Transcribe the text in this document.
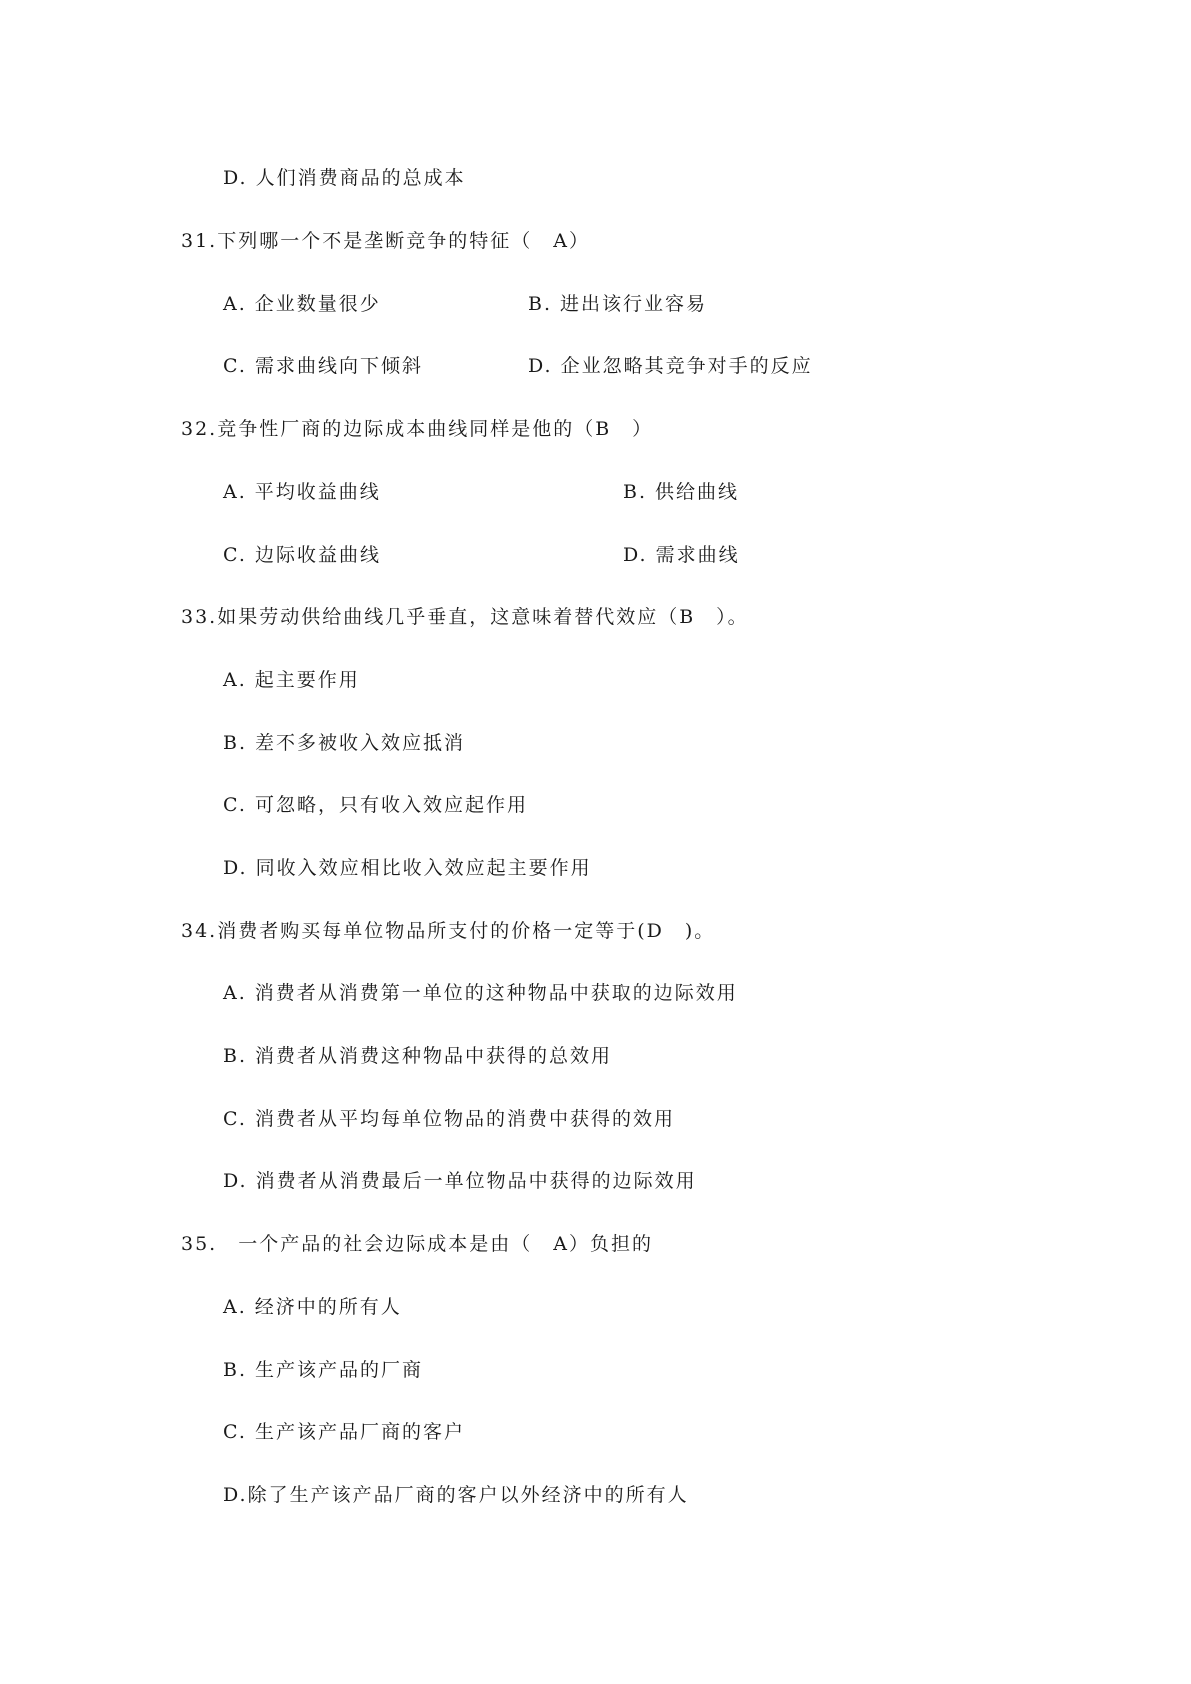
D. 人们消费商品的总成本
31.下列哪一个不是垄断竞争的特征（　A）
A. 企业数量很少	B. 进出该行业容易
C. 需求曲线向下倾斜	D. 企业忽略其竞争对手的反应
32.竞争性厂商的边际成本曲线同样是他的（B　）
A. 平均收益曲线	B. 供给曲线
C. 边际收益曲线	D. 需求曲线
33.如果劳动供给曲线几乎垂直，这意味着替代效应（B　）。
A. 起主要作用
B. 差不多被收入效应抵消
C. 可忽略，只有收入效应起作用
D. 同收入效应相比收入效应起主要作用
34.消费者购买每单位物品所支付的价格一定等于(D　)。
A. 消费者从消费第一单位的这种物品中获取的边际效用
B. 消费者从消费这种物品中获得的总效用
C. 消费者从平均每单位物品的消费中获得的效用
D. 消费者从消费最后一单位物品中获得的边际效用
35.　一个产品的社会边际成本是由（　A）负担的
A. 经济中的所有人
B. 生产该产品的厂商
C. 生产该产品厂商的客户
D.除了生产该产品厂商的客户以外经济中的所有人
